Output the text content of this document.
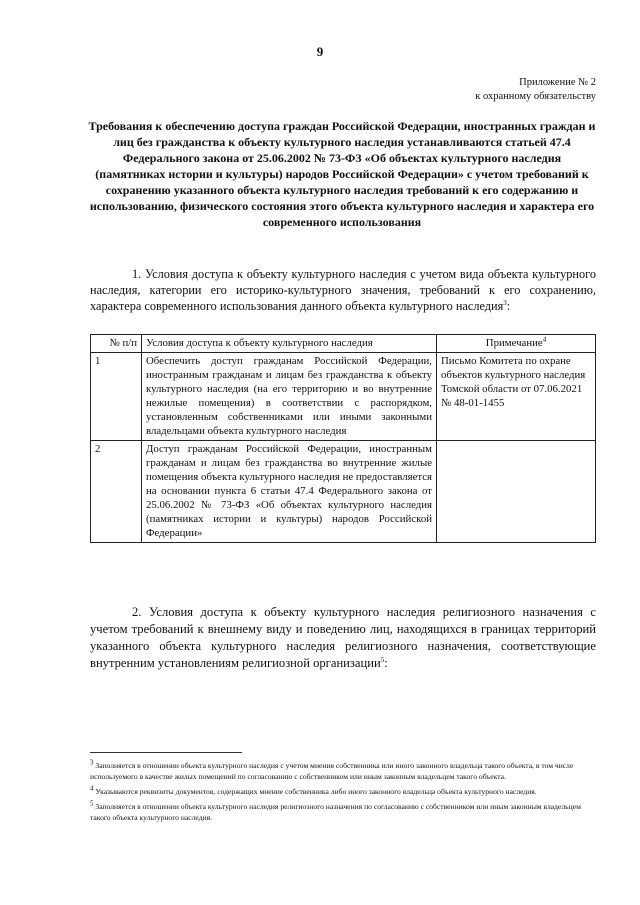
9
Приложение № 2
к охранному обязательству
Требования к обеспечению доступа граждан Российской Федерации, иностранных граждан и лиц без гражданства к объекту культурного наследия устанавливаются статьей 47.4 Федерального закона от 25.06.2002 № 73-ФЗ «Об объектах культурного наследия (памятниках истории и культуры) народов Российской Федерации» с учетом требований к сохранению указанного объекта культурного наследия требований к его содержанию и использованию, физического состояния этого объекта культурного наследия и характера его современного использования
1. Условия доступа к объекту культурного наследия с учетом вида объекта культурного наследия, категории его историко-культурного значения, требований к его сохранению, характера современного использования данного объекта культурного наследия$^3$:
№ п/п	Условия доступа к объекту культурного наследия	Примечание$^4$
1	Обеспечить доступ гражданам Российской Федерации, иностранным гражданам и лицам без гражданства к объекту культурного наследия (на его территорию и во внутренние нежилые помещения) в соответствии с распорядком, установленным собственниками или иными законными владельцами объекта культурного наследия	Письмо Комитета по охране объектов культурного наследия Томской области от 07.06.2021 № 48-01-1455
2	Доступ гражданам Российской Федерации, иностранным гражданам и лицам без гражданства во внутренние жилые помещения объекта культурного наследия не предоставляется на основании пункта 6 статьи 47.4 Федерального закона от 25.06.2002 № 73-ФЗ «Об объектах культурного наследия (памятниках истории и культуры) народов Российской Федерации»	
2. Условия доступа к объекту культурного наследия религиозного назначения с учетом требований к внешнему виду и поведению лиц, находящихся в границах территорий указанного объекта культурного наследия религиозного назначения, соответствующие внутренним установлениям религиозной организации$^5$:

$^3$ Заполняется в отношении объекта культурного наследия с учетом мнения собственника или иного законного владельца такого объекта, в том числе используемого в качестве жилых помещений по согласованию с собственником или иным законным владельцем такого объекта.

$^4$ Указываются реквизиты документов, содержащих мнение собственника либо иного законного владельца объекта культурного наследия.

$^5$ Заполняется в отношении объекта культурного наследия религиозного назначения по согласованию с собственником или иным законным владельцем такого объекта культурного наследия.
